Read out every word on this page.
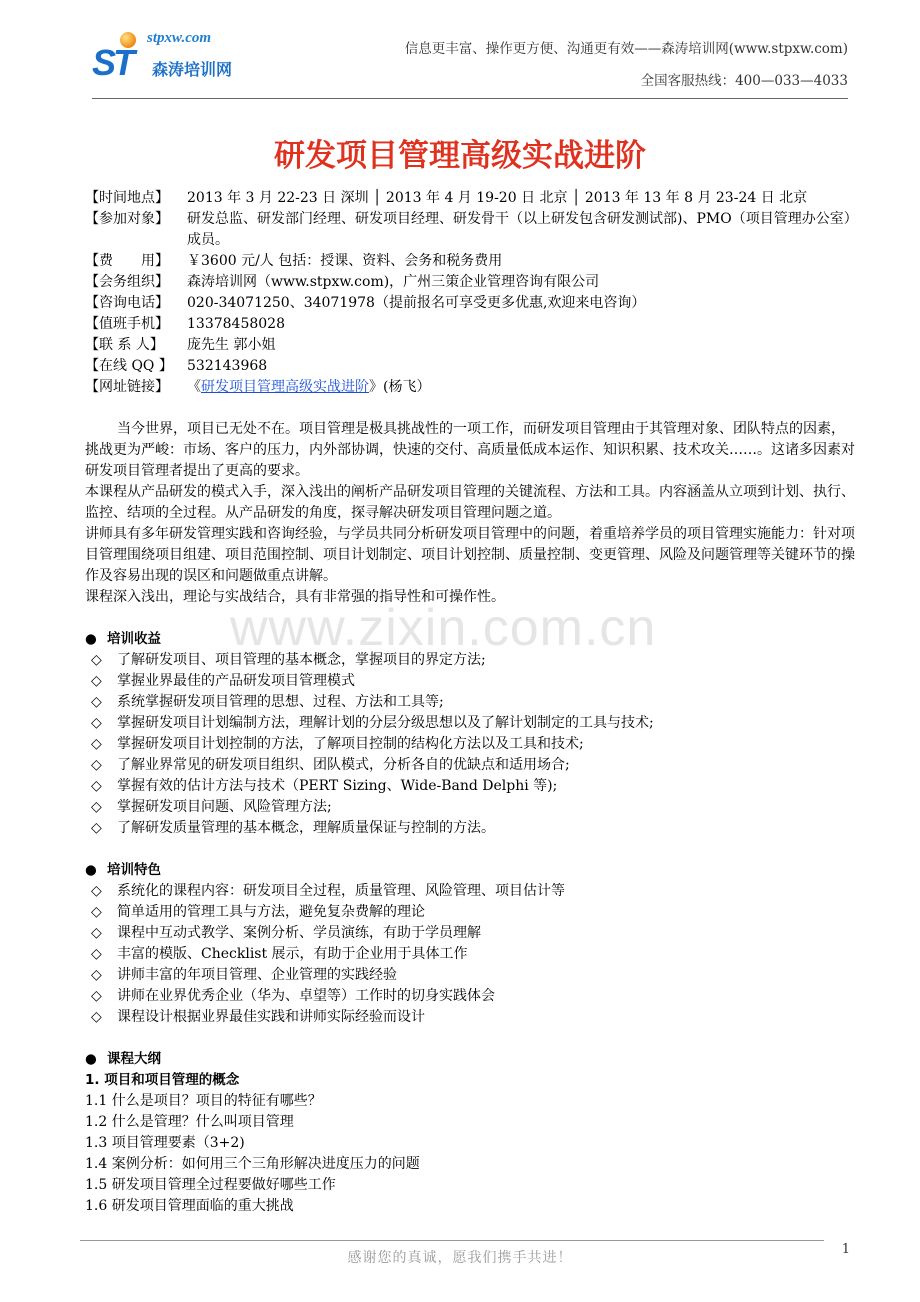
stpxw.com
ST 森涛培训网
信息更丰富、操作更方便、沟通更有效——森涛培训网(www.stpxw.com)
全国客服热线：400—033—4033
研发项目管理高级实战进阶
www.zixin.com.cn
【时间地点】	2013 年 3 月 22-23 日 深圳 │ 2013 年 4 月 19-20 日 北京 │ 2013 年 13 年 8 月 23-24 日 北京
【参加对象】	研发总监、研发部门经理、研发项目经理、研发骨干（以上研发包含研发测试部)、PMO（项目管理办公室）成员。
【费　　用】	￥3600 元/人 包括：授课、资料、会务和税务费用
【会务组织】	森涛培训网（www.stpxw.com)，广州三策企业管理咨询有限公司
【咨询电话】	020-34071250、34071978（提前报名可享受更多优惠,欢迎来电咨询）
【值班手机】	13378458028
【联 系 人】	庞先生 郭小姐
【在线 QQ 】	532143968
【网址链接】	《研发项目管理高级实战进阶》(杨飞）

当今世界，项目已无处不在。项目管理是极具挑战性的一项工作，而研发项目管理由于其管理对象、团队特点的因素，挑战更为严峻：市场、客户的压力，内外部协调，快速的交付、高质量低成本运作、知识积累、技术攻关……。这诸多因素对研发项目管理者提出了更高的要求。

本课程从产品研发的模式入手，深入浅出的阐析产品研发项目管理的关键流程、方法和工具。内容涵盖从立项到计划、执行、监控、结项的全过程。从产品研发的角度，探寻解决研发项目管理问题之道。

讲师具有多年研发管理实践和咨询经验，与学员共同分析研发项目管理中的问题，着重培养学员的项目管理实施能力：针对项目管理围绕项目组建、项目范围控制、项目计划制定、项目计划控制、质量控制、变更管理、风险及问题管理等关键环节的操作及容易出现的误区和问题做重点讲解。

课程深入浅出，理论与实战结合，具有非常强的指导性和可操作性。

● 培训收益
◇ 了解研发项目、项目管理的基本概念，掌握项目的界定方法;
◇ 掌握业界最佳的产品研发项目管理模式
◇ 系统掌握研发项目管理的思想、过程、方法和工具等;
◇ 掌握研发项目计划编制方法，理解计划的分层分级思想以及了解计划制定的工具与技术;
◇ 掌握研发项目计划控制的方法，了解项目控制的结构化方法以及工具和技术;
◇ 了解业界常见的研发项目组织、团队模式，分析各自的优缺点和适用场合;
◇ 掌握有效的估计方法与技术（PERT Sizing、Wide-Band Delphi 等);
◇ 掌握研发项目问题、风险管理方法;
◇ 了解研发质量管理的基本概念，理解质量保证与控制的方法。
● 培训特色
◇ 系统化的课程内容：研发项目全过程，质量管理、风险管理、项目估计等
◇ 简单适用的管理工具与方法，避免复杂费解的理论
◇ 课程中互动式教学、案例分析、学员演练，有助于学员理解
◇ 丰富的模版、Checklist 展示，有助于企业用于具体工作
◇ 讲师丰富的年项目管理、企业管理的实践经验
◇ 讲师在业界优秀企业（华为、卓望等）工作时的切身实践体会
◇ 课程设计根据业界最佳实践和讲师实际经验而设计
● 课程大纲
1. 项目和项目管理的概念
1.1 什么是项目？项目的特征有哪些？
1.2 什么是管理？什么叫项目管理
1.3 项目管理要素（3+2)
1.4 案例分析：如何用三个三角形解决进度压力的问题
1.5 研发项目管理全过程要做好哪些工作
1.6 研发项目管理面临的重大挑战
感谢您的真诚，愿我们携手共进！
1
